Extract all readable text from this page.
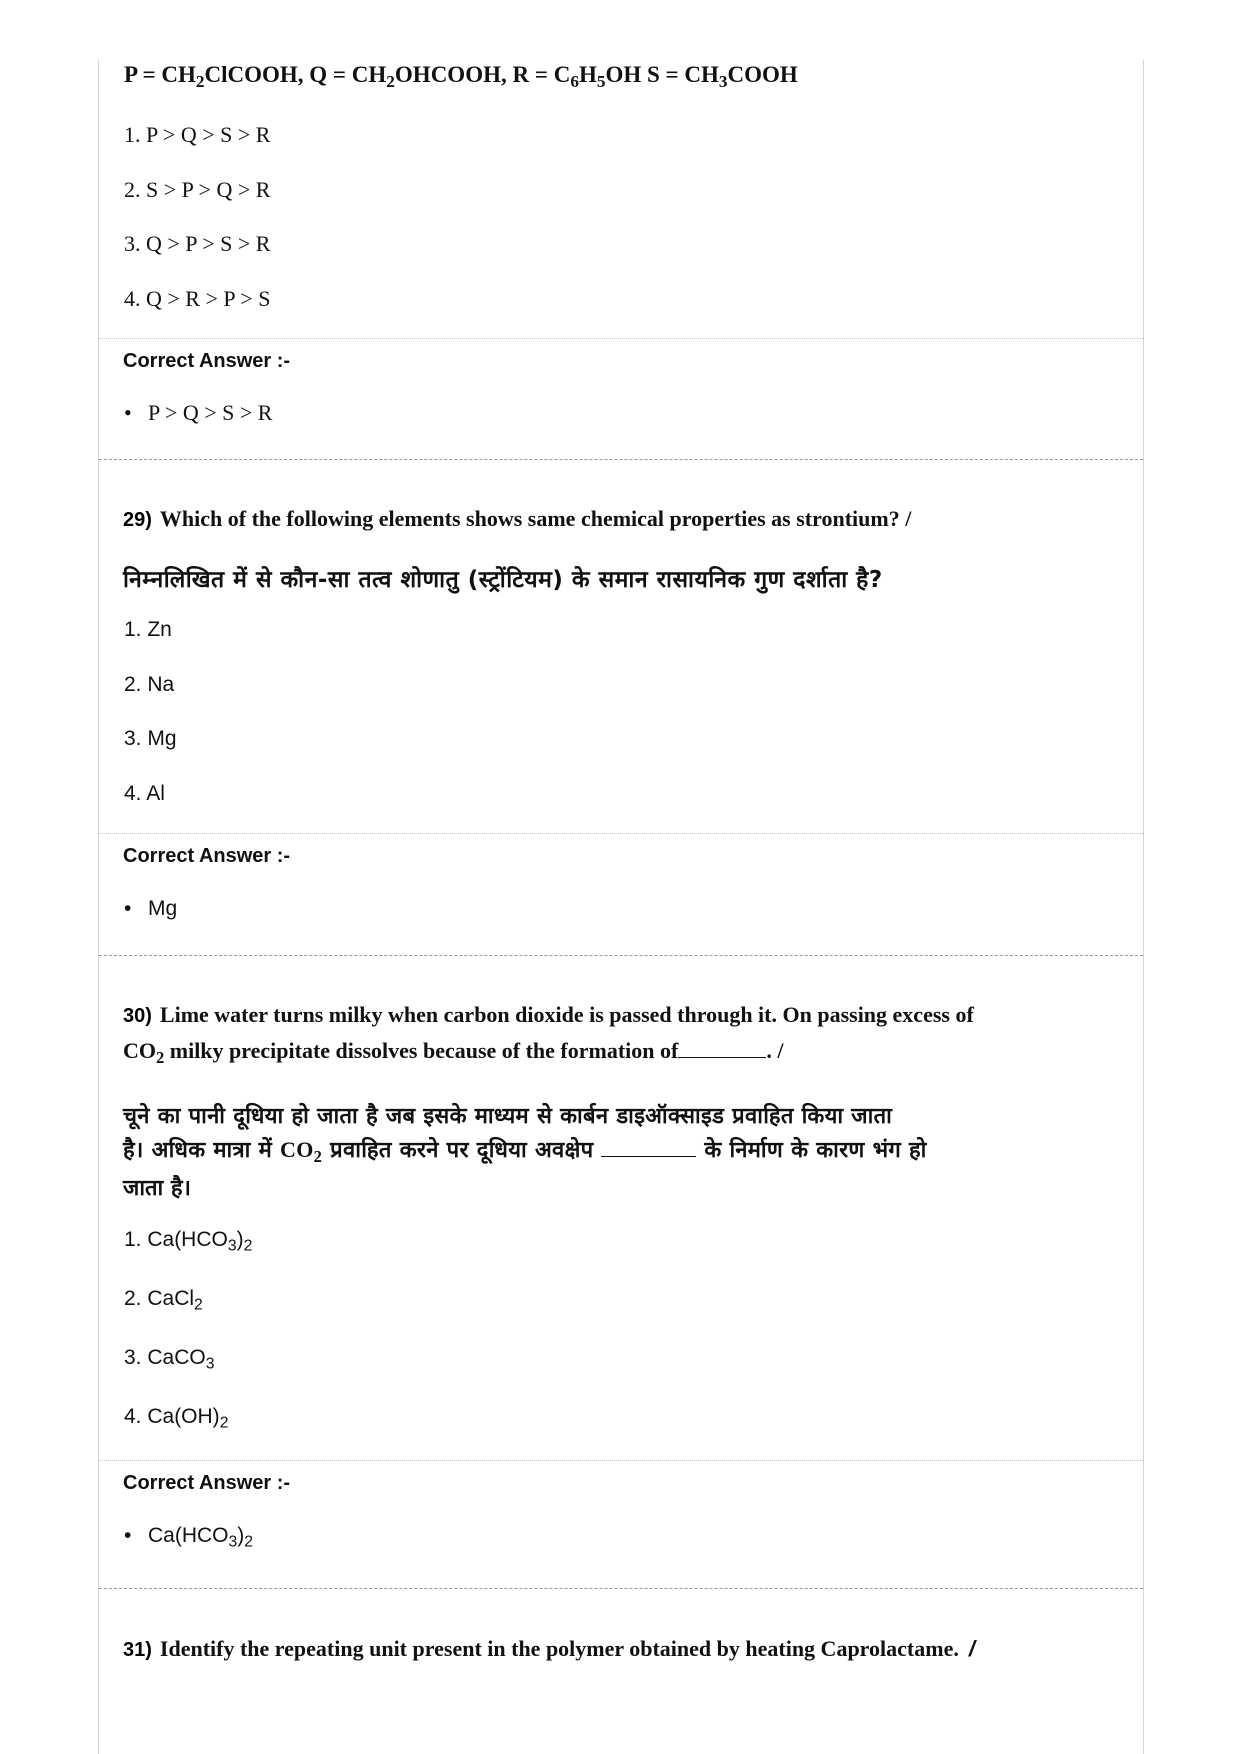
$P = CH_2ClCOOH$, $Q = CH_2OHCOOH$, $R = C_6H_5OH$ $S = CH_3COOH$
1. P > Q > S > R
2. S > P > Q > R
3. Q > P > S > R
4. Q > R > P > S
Correct Answer :-
• P > Q > S > R
29) Which of the following elements shows same chemical properties as strontium? /
निम्नलिखित में से कौन-सा तत्व शोणातु (स्ट्रोंटियम) के समान रासायनिक गुण दर्शाता है?
1. Zn
2. Na
3. Mg
4. Al
Correct Answer :-
• Mg
30) Lime water turns milky when carbon dioxide is passed through it. On passing excess of
$CO_2$ milky precipitate dissolves because of the formation of	. /
चूने का पानी दूधिया हो जाता है जब इसके माध्यम से कार्बन डाइऑक्साइड प्रवाहित किया जाता
है। अधिक मात्रा में $CO_2$ प्रवाहित करने पर दूधिया अवक्षेप	के निर्माण के कारण भंग हो
जाता है।
1. $Ca(HCO_3)_2$
2. CaCl$_2$
3. CaCO$_3$
4. $Ca(OH)_2$
Correct Answer :-
• $Ca(HCO_3)_2$
31) Identify the repeating unit present in the polymer obtained by heating Caprolactame. /
